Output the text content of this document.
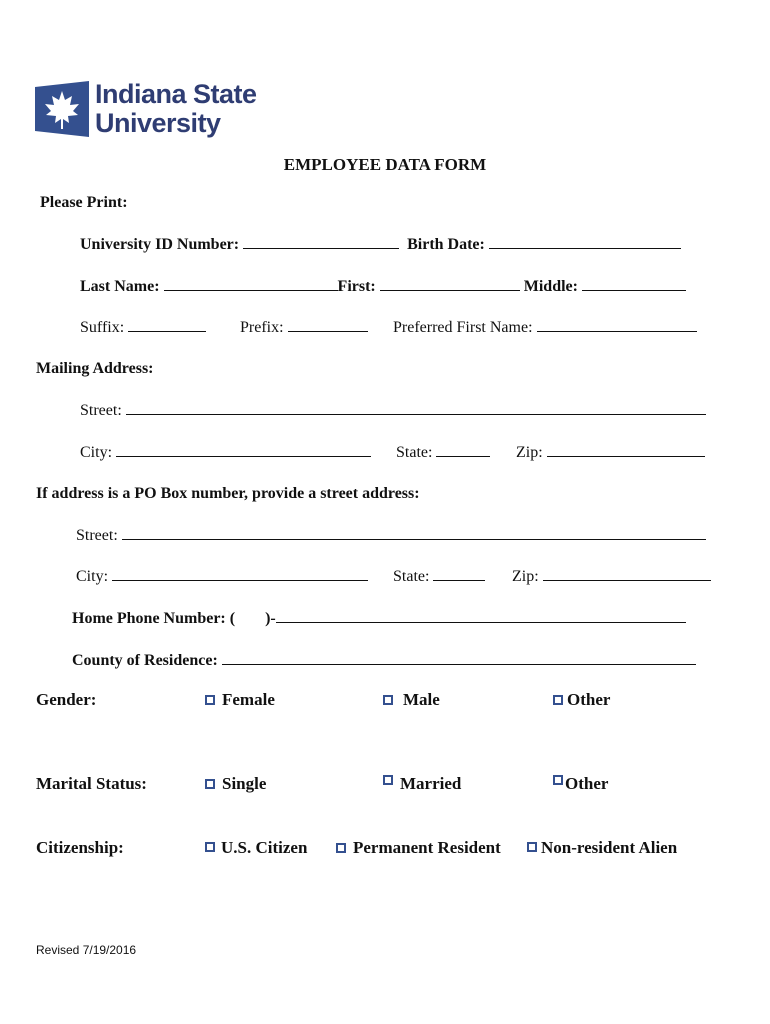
Indiana State
University
EMPLOYEE DATA FORM
Please Print:
University ID Number:	Birth Date:
Last Name:	First:	Middle:
Suffix:	Prefix:	Preferred First Name:
Mailing Address:
Street:
City:	State:	Zip:
If address is a PO Box number, provide a street address:
Street:
City:	State:	Zip:
Home Phone Number: ( )-
County of Residence:
Gender:	Female	Male	Other
Marital Status:	Single	Married	Other
Citizenship:	U.S. Citizen	Permanent Resident Non-resident Alien
Revised 7/19/2016
